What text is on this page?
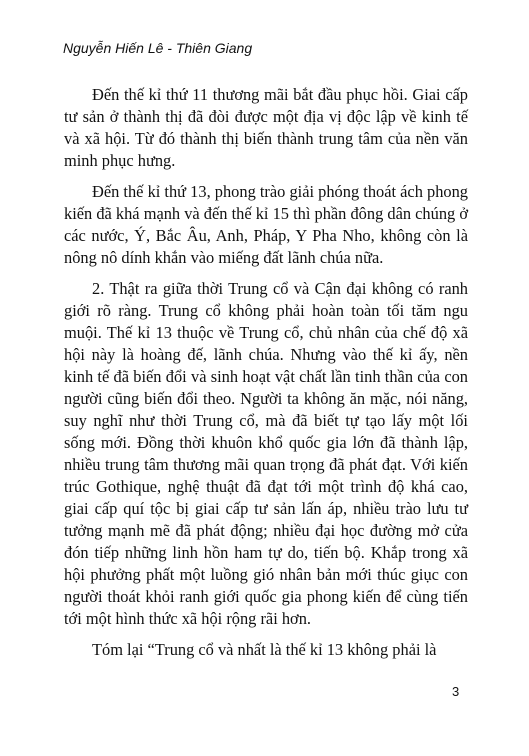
Nguyễn Hiến Lê - Thiên Giang

Đến thế kỉ thứ 11 thương mãi bắt đầu phục hồi. Giai cấp tư sản ở thành thị đã đòi được một địa vị độc lập về kinh tế và xã hội. Từ đó thành thị biến thành trung tâm của nền văn minh phục hưng.

Đến thế kỉ thứ 13, phong trào giải phóng thoát ách phong kiến đã khá mạnh và đến thế kỉ 15 thì phần đông dân chúng ở các nước, Ý, Bắc Âu, Anh, Pháp, Y Pha Nho, không còn là nông nô dính khắn vào miếng đất lãnh chúa nữa.

2. Thật ra giữa thời Trung cổ và Cận đại không có ranh giới rõ ràng. Trung cổ không phải hoàn toàn tối tăm ngu muội. Thế kỉ 13 thuộc về Trung cổ, chủ nhân của chế độ xã hội này là hoàng đế, lãnh chúa. Nhưng vào thế kỉ ấy, nền kinh tế đã biến đổi và sinh hoạt vật chất lần tinh thần của con người cũng biến đổi theo. Người ta không ăn mặc, nói năng, suy nghĩ như thời Trung cổ, mà đã biết tự tạo lấy một lối sống mới. Đồng thời khuôn khổ quốc gia lớn đã thành lập, nhiều trung tâm thương mãi quan trọng đã phát đạt. Với kiến trúc Gothique, nghệ thuật đã đạt tới một trình độ khá cao, giai cấp quí tộc bị giai cấp tư sản lấn áp, nhiều trào lưu tư tưởng mạnh mẽ đã phát động; nhiều đại học đường mở cửa đón tiếp những linh hồn ham tự do, tiến bộ. Khắp trong xã hội phưởng phất một luồng gió nhân bản mới thúc giục con người thoát khỏi ranh giới quốc gia phong kiến để cùng tiến tới một hình thức xã hội rộng rãi hơn.

Tóm lại “Trung cổ và nhất là thế kỉ 13 không phải là

3
